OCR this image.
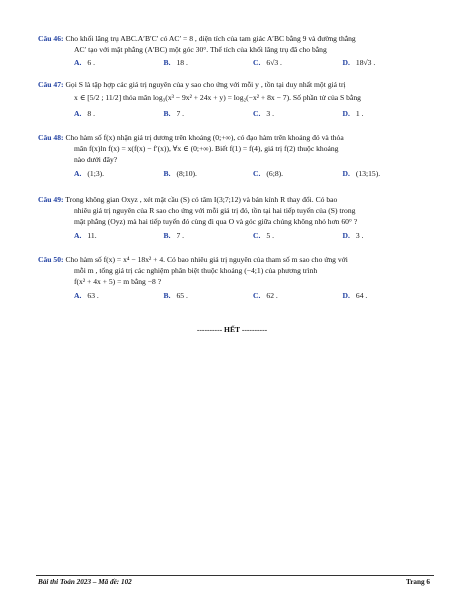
Câu 46: Cho khối lăng trụ ABC.A′B′C′ có AC′ = 8 , diện tích của tam giác A′BC bằng 9 và đường thẳng
AC′ tạo với mặt phẳng (A′BC) một góc 30°. Thể tích của khối lăng trụ đã cho bằng
A. 6 .	B. 18 .	C. 6√3 .	D. 18√3 .
Câu 47: Gọi S là tập hợp các giá trị nguyên của y sao cho ứng với mỗi y , tồn tại duy nhất một giá trị
x ∈ [5/2 ; 11/2] thỏa mãn log₃(x³ − 9x² + 24x + y) = log₂(−x² + 8x − 7). Số phần tử của S bằng
A. 8 .	B. 7 .	C. 3 .	D. 1 .
Câu 48: Cho hàm số f(x) nhận giá trị dương trên khoảng (0;+∞), có đạo hàm trên khoảng đó và thỏa
mãn f(x)ln f(x) = x(f(x) − f′(x)), ∀x ∈ (0;+∞). Biết f(1) = f(4), giá trị f(2) thuộc khoảng
nào dưới đây?
A. (1;3).	B. (8;10).	C. (6;8).	D. (13;15).
Câu 49: Trong không gian Oxyz , xét mặt cầu (S) có tâm I(3;7;12) và bán kính R thay đổi. Có bao
nhiêu giá trị nguyên của R sao cho ứng với mỗi giá trị đó, tồn tại hai tiếp tuyến của (S) trong
mặt phẳng (Oyz) mà hai tiếp tuyến đó cùng đi qua O và góc giữa chúng không nhỏ hơn 60° ?
A. 11.	B. 7 .	C. 5 .	D. 3 .
Câu 50: Cho hàm số f(x) = x⁴ − 18x² + 4. Có bao nhiêu giá trị nguyên của tham số m sao cho ứng với
mỗi m , tổng giá trị các nghiệm phân biệt thuộc khoảng (−4;1) của phương trình
f(x² + 4x + 5) = m bằng −8 ?
A. 63 .	B. 65 .	C. 62 .	D. 64 .
---------- HẾT ----------
Bài thi Toán 2023 – Mã đề: 102	Trang 6
